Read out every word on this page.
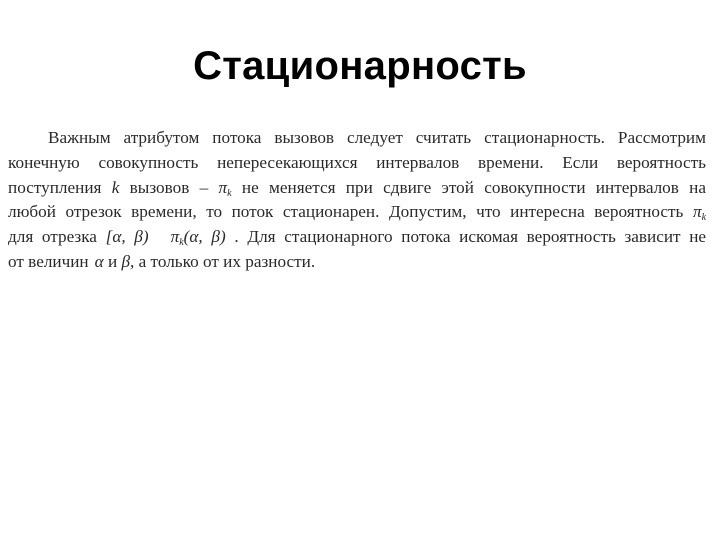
Стационарность
Важным атрибутом потока вызовов следует считать стационарность. Рассмотрим
конечную совокупность непересекающихся интервалов времени. Если вероятность
поступления k вызовов – $\pi_k$ не меняется при сдвиге этой совокупности интервалов на
любой отрезок времени, то поток стационарен. Допустим, что интересна вероятность $\pi_k$
для отрезка [α, β) $\pi_k(\alpha$, β) . Для стационарного потока искомая вероятность зависит не
от величин α и β, а только от их разности.
